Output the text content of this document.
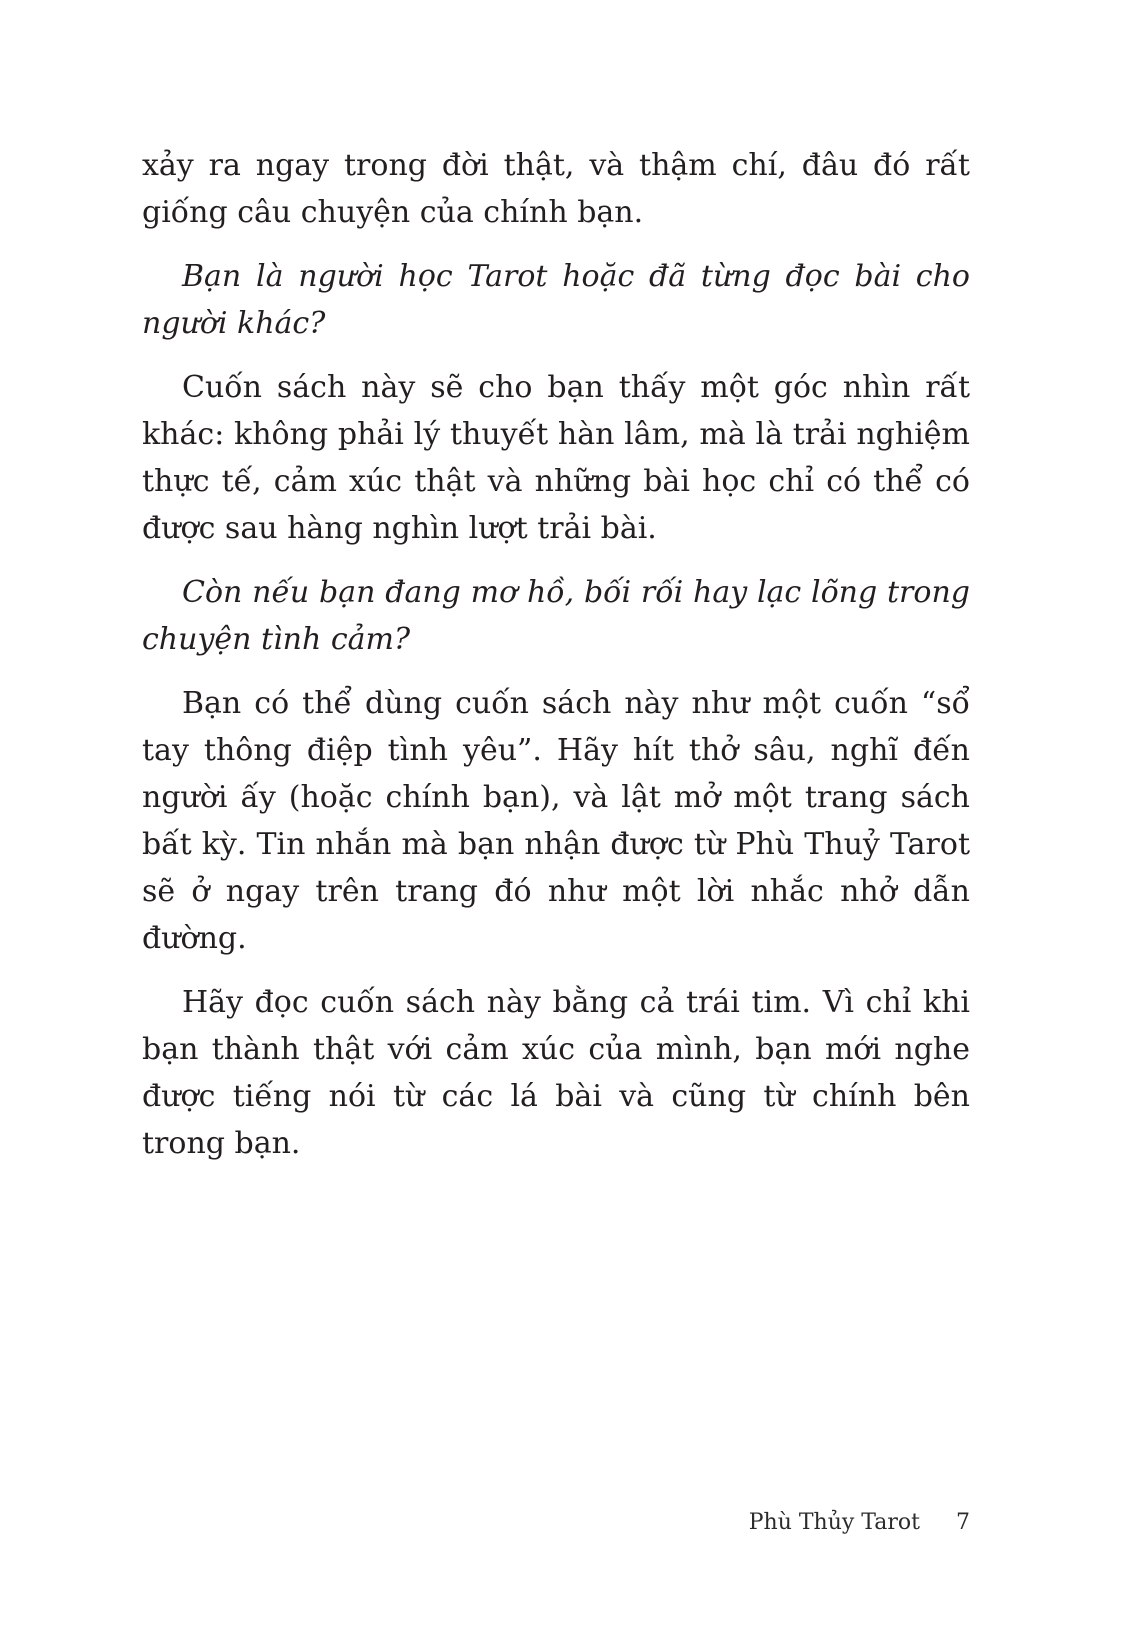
xảy ra ngay trong đời thật, và thậm chí, đâu đó rất giống câu chuyện của chính bạn.

Bạn là người học Tarot hoặc đã từng đọc bài cho người khác?

Cuốn sách này sẽ cho bạn thấy một góc nhìn rất khác: không phải lý thuyết hàn lâm, mà là trải nghiệm thực tế, cảm xúc thật và những bài học chỉ có thể có được sau hàng nghìn lượt trải bài.

Còn nếu bạn đang mơ hồ, bối rối hay lạc lõng trong chuyện tình cảm?

Bạn có thể dùng cuốn sách này như một cuốn “sổ tay thông điệp tình yêu”. Hãy hít thở sâu, nghĩ đến người ấy (hoặc chính bạn), và lật mở một trang sách bất kỳ. Tin nhắn mà bạn nhận được từ Phù Thuỷ Tarot sẽ ở ngay trên trang đó như một lời nhắc nhở dẫn đường.

Hãy đọc cuốn sách này bằng cả trái tim. Vì chỉ khi bạn thành thật với cảm xúc của mình, bạn mới nghe được tiếng nói từ các lá bài và cũng từ chính bên trong bạn.

Phù Thủy Tarot 7
